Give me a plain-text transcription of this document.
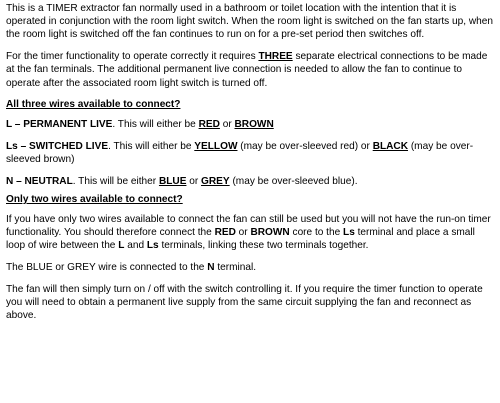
This is a TIMER extractor fan normally used in a bathroom or toilet location with the intention that it is operated in conjunction with the room light switch. When the room light is switched on the fan starts up, when the room light is switched off the fan continues to run on for a pre-set period then switches off.

For the timer functionality to operate correctly it requires THREE separate electrical connections to be made at the fan terminals. The additional permanent live connection is needed to allow the fan to continue to operate after the associated room light switch is turned off.

All three wires available to connect?

L – PERMANENT LIVE. This will either be RED or BROWN

Ls – SWITCHED LIVE. This will either be YELLOW (may be over-sleeved red) or BLACK (may be over-sleeved brown)

N – NEUTRAL. This will be either BLUE or GREY (may be over-sleeved blue).

Only two wires available to connect?

If you have only two wires available to connect the fan can still be used but you will not have the run-on timer functionality. You should therefore connect the RED or BROWN core to the Ls terminal and place a small loop of wire between the L and Ls terminals, linking these two terminals together.

The BLUE or GREY wire is connected to the N terminal.

The fan will then simply turn on / off with the switch controlling it. If you require the timer function to operate you will need to obtain a permanent live supply from the same circuit supplying the fan and reconnect as above.
